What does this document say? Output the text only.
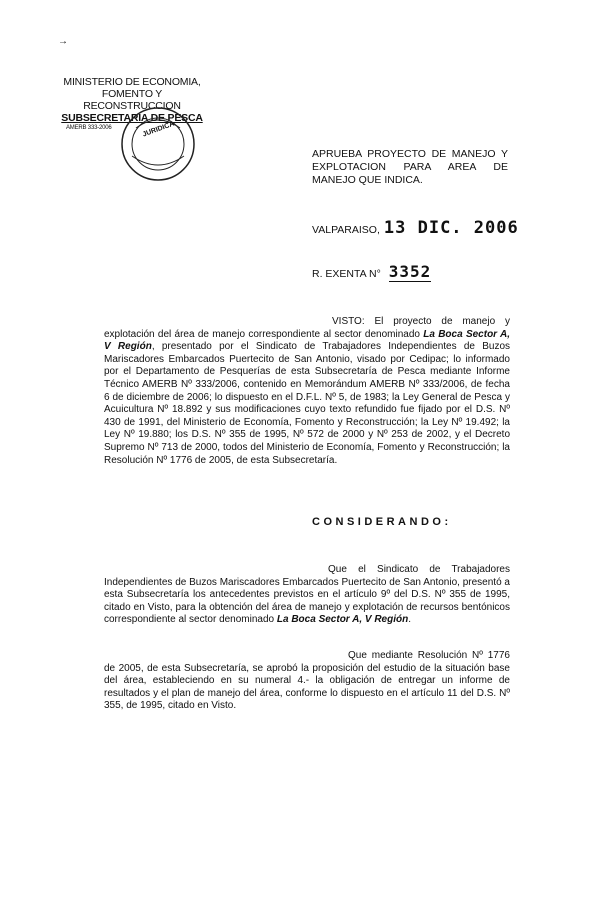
→
MINISTERIO DE ECONOMIA,
FOMENTO Y RECONSTRUCCION
SUBSECRETARIA DE PESCA
AMERB 333-2006	JURIDICA
APRUEBA PROYECTO DE MANEJO Y EXPLOTACION PARA AREA DE MANEJO QUE INDICA.
VALPARAISO, 13 DIC. 2006
R. EXENTA N° 3352
VISTO: El proyecto de manejo y explotación del área de manejo correspondiente al sector denominado La Boca Sector A, V Región, presentado por el Sindicato de Trabajadores Independientes de Buzos Mariscadores Embarcados Puertecito de San Antonio, visado por Cedipac; lo informado por el Departamento de Pesquerías de esta Subsecretaría de Pesca mediante Informe Técnico AMERB Nº 333/2006, contenido en Memorándum AMERB Nº 333/2006, de fecha 6 de diciembre de 2006; lo dispuesto en el D.F.L. Nº 5, de 1983; la Ley General de Pesca y Acuicultura Nº 18.892 y sus modificaciones cuyo texto refundido fue fijado por el D.S. Nº 430 de 1991, del Ministerio de Economía, Fomento y Reconstrucción; la Ley Nº 19.492; la Ley Nº 19.880; los D.S. Nº 355 de 1995, Nº 572 de 2000 y Nº 253 de 2002, y el Decreto Supremo Nº 713 de 2000, todos del Ministerio de Economía, Fomento y Reconstrucción; la Resolución Nº 1776 de 2005, de esta Subsecretaría.
CONSIDERANDO:
Que el Sindicato de Trabajadores Independientes de Buzos Mariscadores Embarcados Puertecito de San Antonio, presentó a esta Subsecretaría los antecedentes previstos en el artículo 9º del D.S. Nº 355 de 1995, citado en Visto, para la obtención del área de manejo y explotación de recursos bentónicos correspondiente al sector denominado La Boca Sector A, V Región.
Que mediante Resolución Nº 1776 de 2005, de esta Subsecretaría, se aprobó la proposición del estudio de la situación base del área, estableciendo en su numeral 4.- la obligación de entregar un informe de resultados y el plan de manejo del área, conforme lo dispuesto en el artículo 11 del D.S. Nº 355, de 1995, citado en Visto.
